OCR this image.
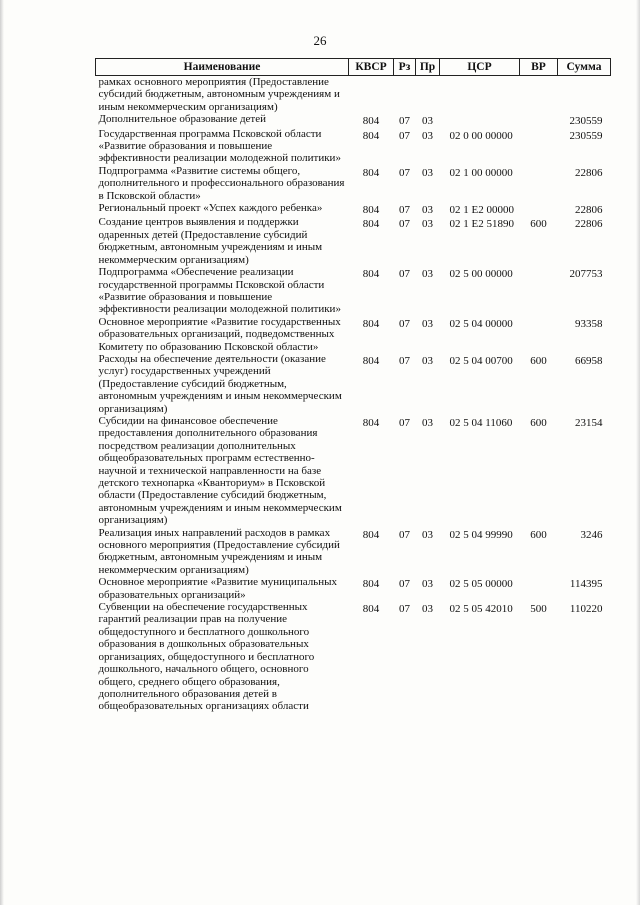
26
Наименование	КВСР	Рз	Пр	ЦСР	ВР	Сумма
рамках основного мероприятия (Предоставление субсидий бюджетным, автономным учреждениям и иным некоммерческим организациям)						
Дополнительное образование детей	804	07	03			230559
Государственная программа Псковской области «Развитие образования и повышение эффективности реализации молодежной политики»	804	07	03	02 0 00 00000		230559
Подпрограмма «Развитие системы общего, дополнительного и профессионального образования в Псковской области»	804	07	03	02 1 00 00000		22806
Региональный проект «Успех каждого ребенка»	804	07	03	02 1 E2 00000		22806
Создание центров выявления и поддержки одаренных детей (Предоставление субсидий бюджетным, автономным учреждениям и иным некоммерческим организациям)	804	07	03	02 1 E2 51890	600	22806
Подпрограмма «Обеспечение реализации государственной программы Псковской области «Развитие образования и повышение эффективности реализации молодежной политики»	804	07	03	02 5 00 00000		207753
Основное мероприятие «Развитие государственных образовательных организаций, подведомственных Комитету по образованию Псковской области»	804	07	03	02 5 04 00000		93358
Расходы на обеспечение деятельности (оказание услуг) государственных учреждений (Предоставление субсидий бюджетным, автономным учреждениям и иным некоммерческим организациям)	804	07	03	02 5 04 00700	600	66958
Субсидии на финансовое обеспечение предоставления дополнительного образования посредством реализации дополнительных общеобразовательных программ естественно-научной и технической направленности на базе детского технопарка «Кванториум» в Псковской области (Предоставление субсидий бюджетным, автономным учреждениям и иным некоммерческим организациям)	804	07	03	02 5 04 11060	600	23154
Реализация иных направлений расходов в рамках основного мероприятия (Предоставление субсидий бюджетным, автономным учреждениям и иным некоммерческим организациям)	804	07	03	02 5 04 99990	600	3246
Основное мероприятие «Развитие муниципальных образовательных организаций»	804	07	03	02 5 05 00000		114395
Субвенции на обеспечение государственных гарантий реализации прав на получение общедоступного и бесплатного дошкольного образования в дошкольных образовательных организациях, общедоступного и бесплатного дошкольного, начального общего, основного общего, среднего общего образования, дополнительного образования детей в общеобразовательных организациях области	804	07	03	02 5 05 42010	500	110220
